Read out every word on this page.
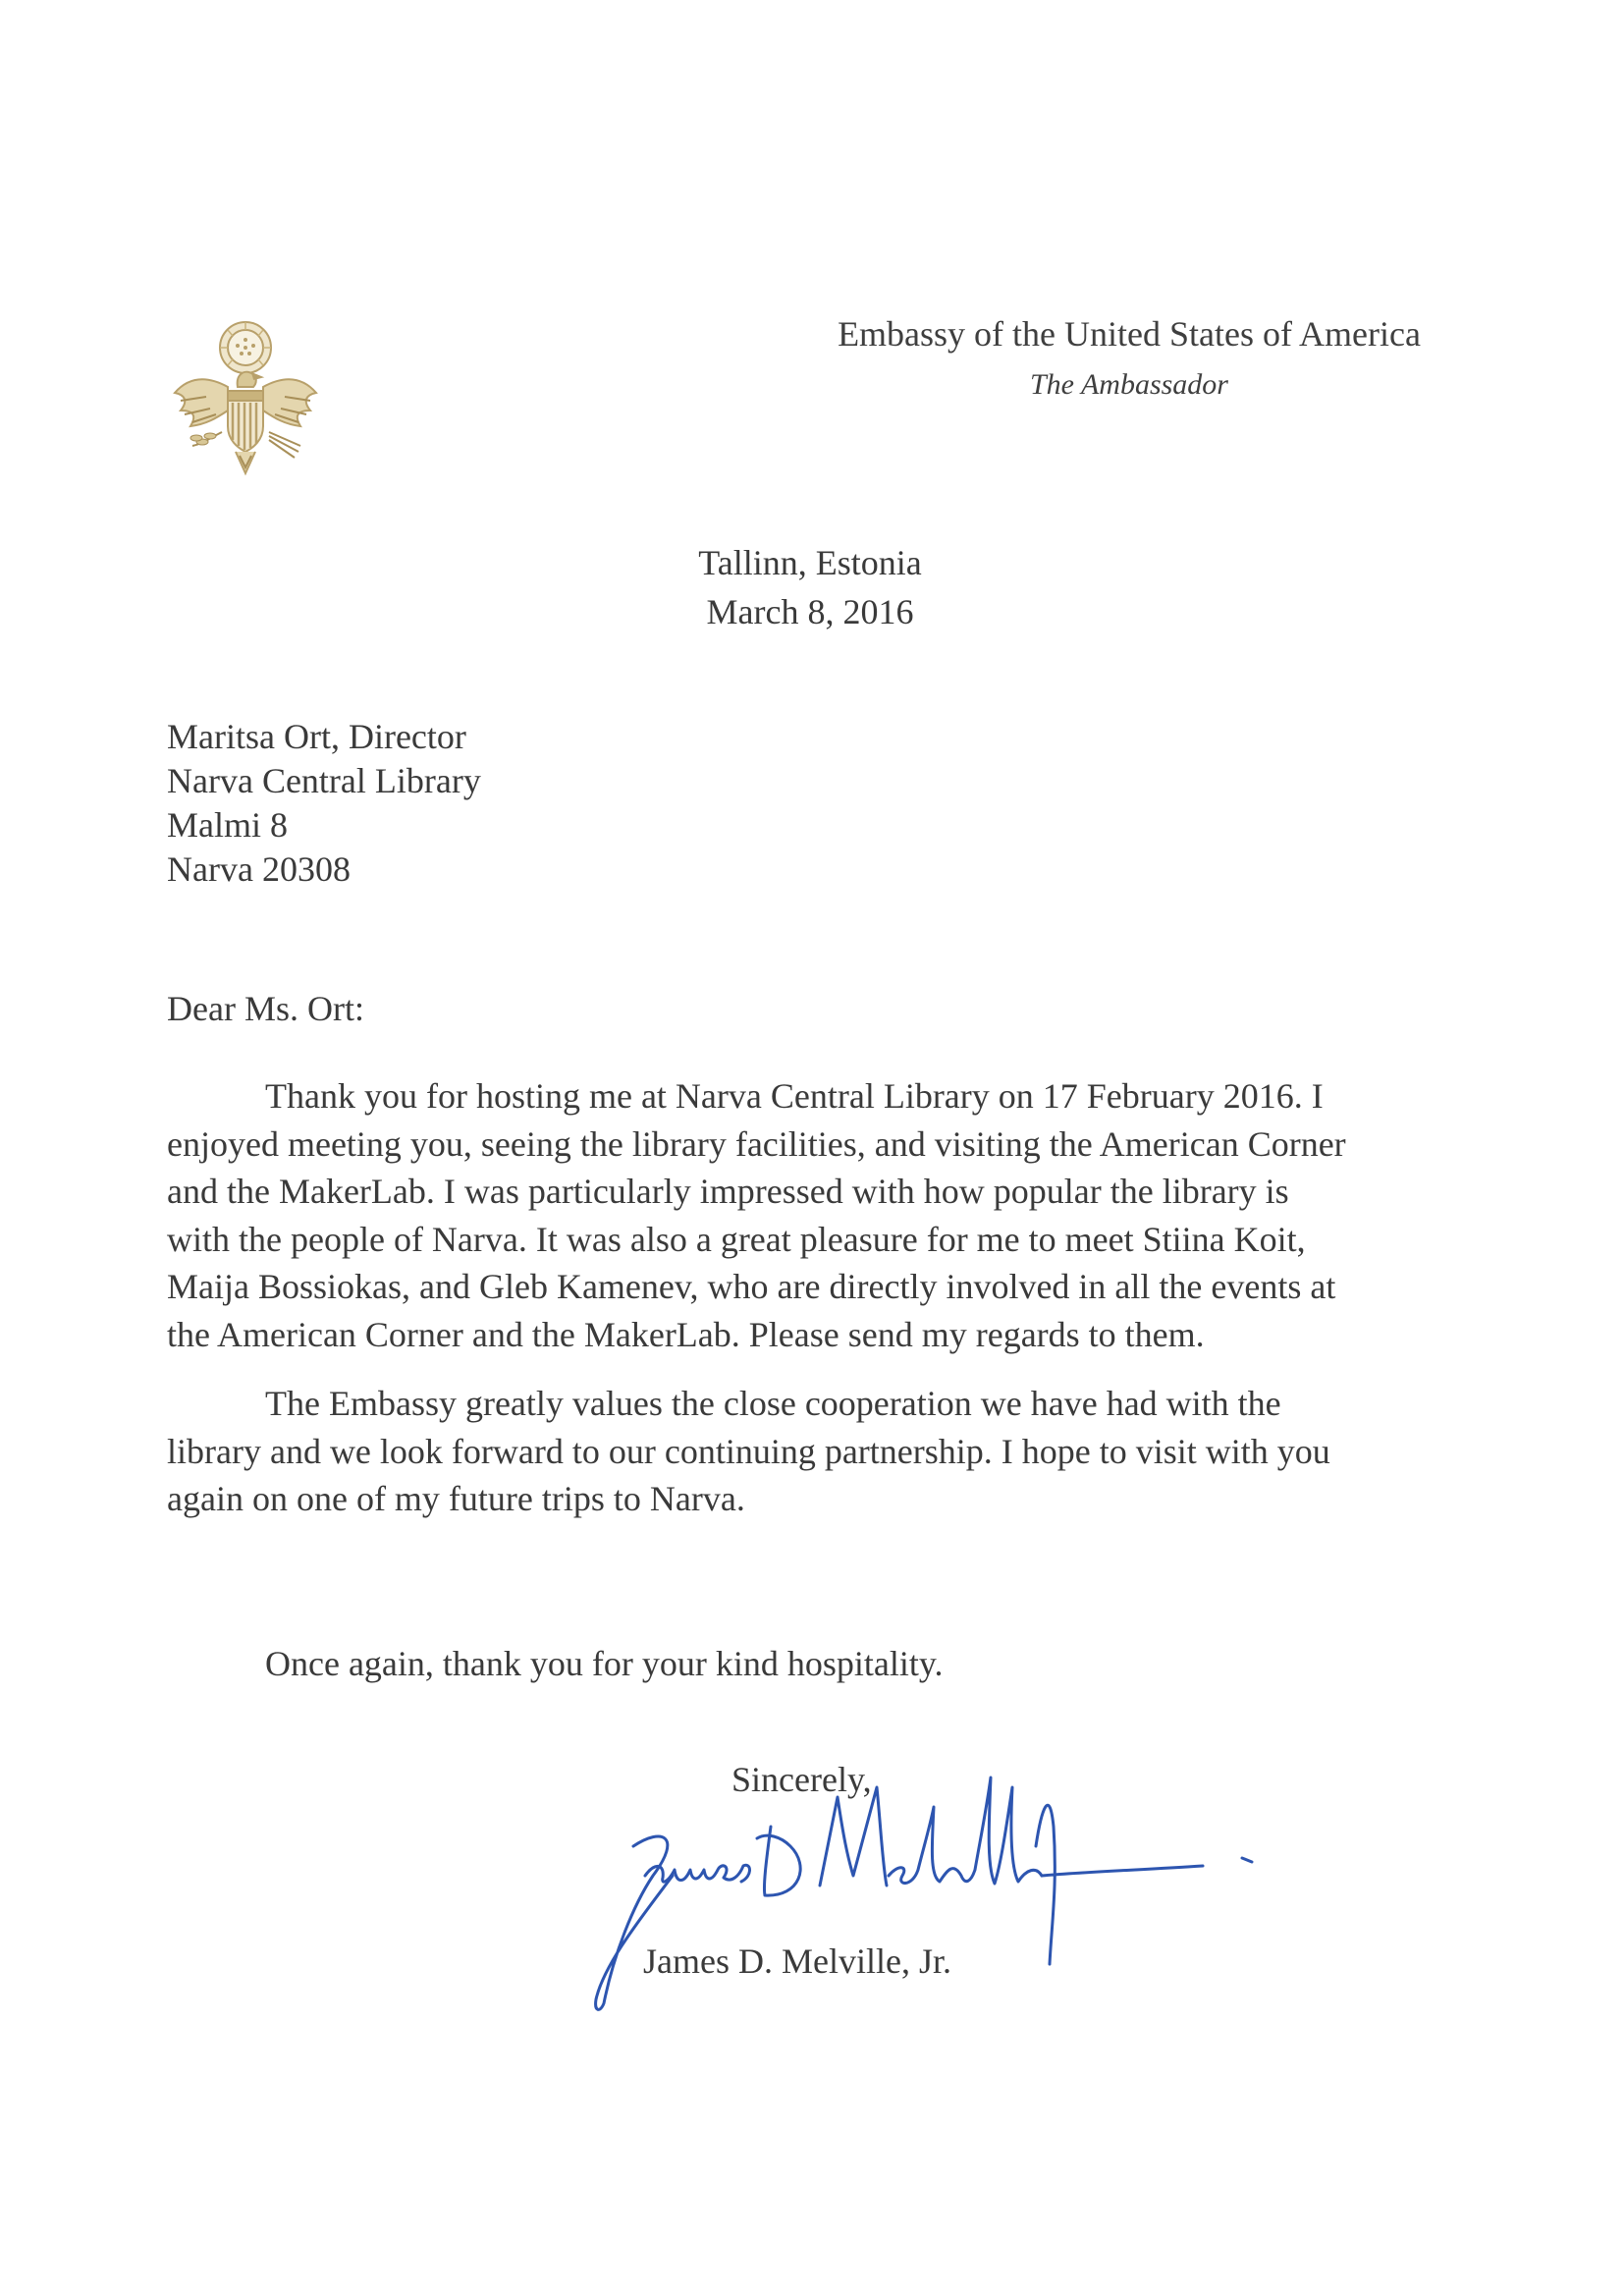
Embassy of the United States of America
The Ambassador
Tallinn, Estonia
March 8, 2016
Maritsa Ort, Director
Narva Central Library
Malmi 8
Narva 20308
Dear Ms. Ort:
Thank you for hosting me at Narva Central Library on 17 February 2016. I
enjoyed meeting you, seeing the library facilities, and visiting the American Corner
and the MakerLab. I was particularly impressed with how popular the library is
with the people of Narva. It was also a great pleasure for me to meet Stiina Koit,
Maija Bossiokas, and Gleb Kamenev, who are directly involved in all the events at
the American Corner and the MakerLab. Please send my regards to them.
The Embassy greatly values the close cooperation we have had with the
library and we look forward to our continuing partnership. I hope to visit with you
again on one of my future trips to Narva.
Once again, thank you for your kind hospitality.
Sincerely,
James D. Melville, Jr.
